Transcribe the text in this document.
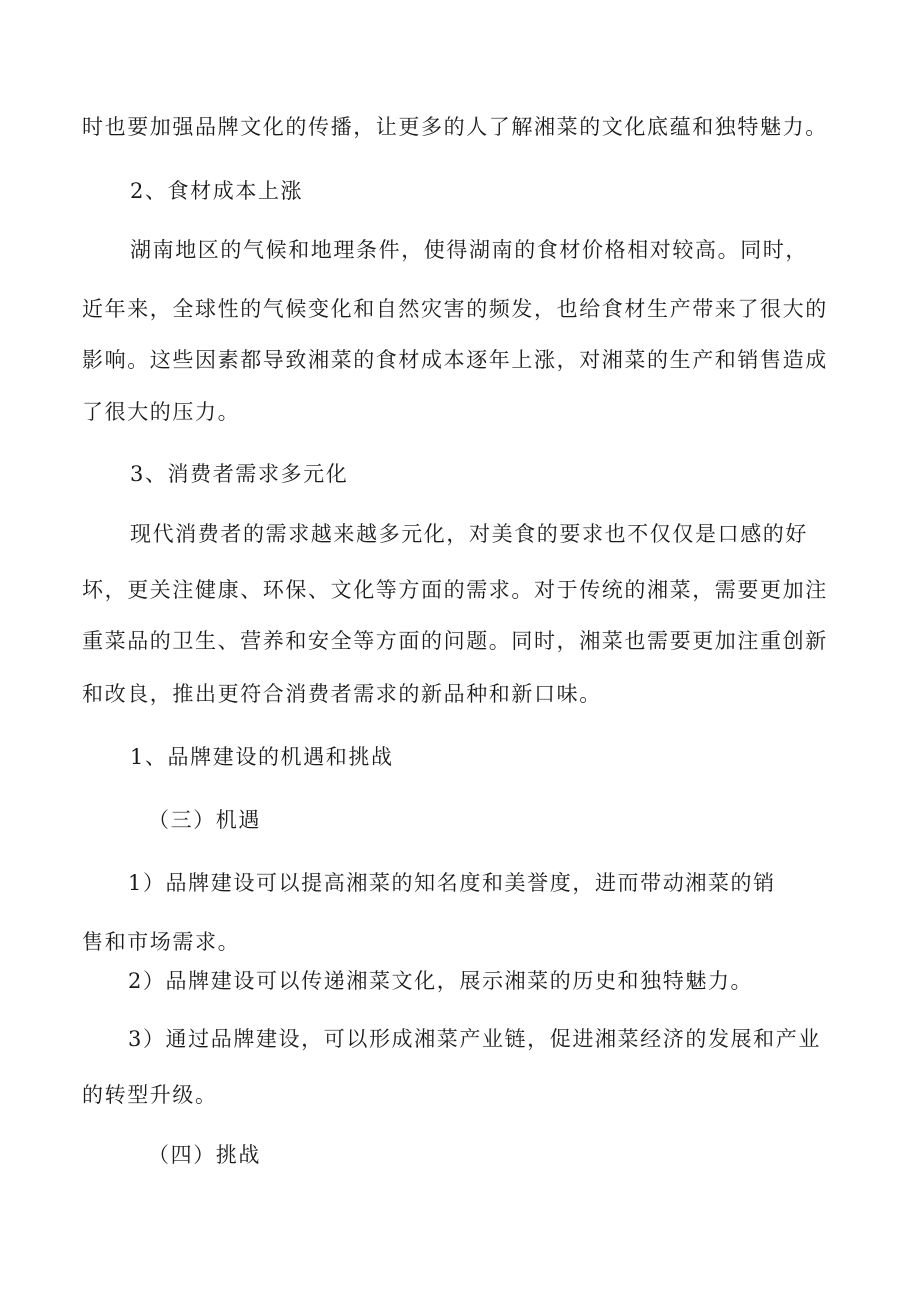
时也要加强品牌文化的传播，让更多的人了解湘菜的文化底蕴和独特魅力。
2、食材成本上涨
湖南地区的气候和地理条件，使得湖南的食材价格相对较高。同时，
近年来，全球性的气候变化和自然灾害的频发，也给食材生产带来了很大的
影响。这些因素都导致湘菜的食材成本逐年上涨，对湘菜的生产和销售造成
了很大的压力。
3、消费者需求多元化
现代消费者的需求越来越多元化，对美食的要求也不仅仅是口感的好
坏，更关注健康、环保、文化等方面的需求。对于传统的湘菜，需要更加注
重菜品的卫生、营养和安全等方面的问题。同时，湘菜也需要更加注重创新
和改良，推出更符合消费者需求的新品种和新口味。
1、品牌建设的机遇和挑战
（三）机遇
1）品牌建设可以提高湘菜的知名度和美誉度，进而带动湘菜的销
售和市场需求。
2）品牌建设可以传递湘菜文化，展示湘菜的历史和独特魅力。
3）通过品牌建设，可以形成湘菜产业链，促进湘菜经济的发展和产业
的转型升级。
（四）挑战
